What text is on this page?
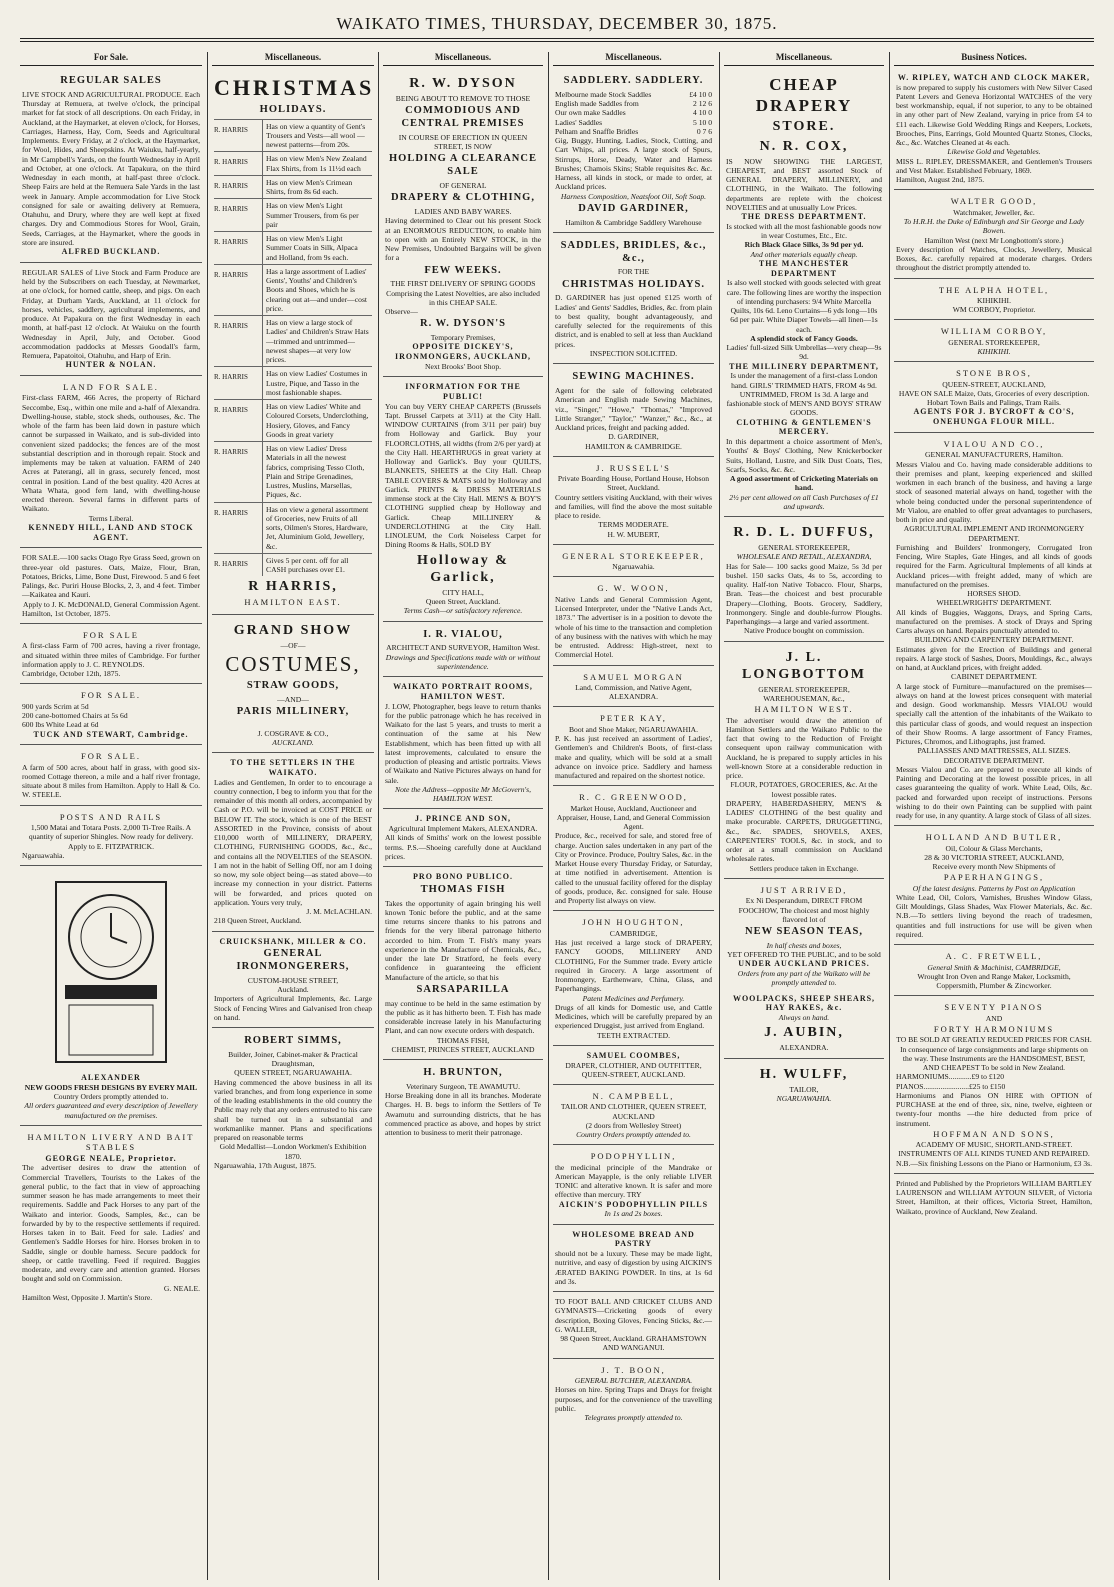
WAIKATO TIMES, THURSDAY, DECEMBER 30, 1875.
For Sale.
REGULAR SALES
LIVE STOCK AND AGRICULTURAL PRODUCE. Each Thursday at Remuera, at twelve o'clock, the principal market for fat stock of all descriptions. On each Friday, in Auckland, at the Haymarket, at eleven o'clock, for Horses, Carriages, Harness, Hay, Corn, Seeds and Agricultural Implements. Every Friday, at 2 o'clock, at the Haymarket, for Wool, Hides, and Sheepskins. At Waiuku, half-yearly, in Mr Campbell's Yards, on the fourth Wednesday in April and October, at one o'clock. At Tapakura, on the third Wednesday in each month, at half-past three o'clock. Sheep Fairs are held at the Remuera Sale Yards in the last week in January. Ample accommodation for Live Stock consigned for sale or awaiting delivery at Remuera, Otahuhu, and Drury, where they are well kept at fixed charges. Dry and Commodious Stores for Wool, Grain, Seeds, Carriages, at the Haymarket, where the goods in store are insured.
ALFRED BUCKLAND.
REGULAR SALES of Live Stock and Farm Produce are held by the Subscribers on each Tuesday, at Newmarket, at one o'clock, for horned cattle, sheep, and pigs. On each Friday, at Durham Yards, Auckland, at 11 o'clock for horses, vehicles, saddlery, agricultural implements, and produce. At Papakura on the first Wednesday in each month, at half-past 12 o'clock. At Waiuku on the fourth Wednesday in April, July, and October. Good accommodation paddocks at Messrs Goodall's farm, Remuera, Papatoitoi, Otahuhu, and Harp of Erin.
HUNTER & NOLAN.
LAND FOR SALE.
First-class FARM, 466 Acres, the property of Richard Seccombe, Esq., within one mile and a-half of Alexandra. Dwelling-house, stable, stock sheds, outhouses, &c. The whole of the farm has been laid down in pasture which cannot be surpassed in Waikato, and is sub-divided into convenient sized paddocks; the fences are of the most substantial description and in thorough repair. Stock and implements may be taken at valuation. FARM of 240 Acres at Paterangi, all in grass, securely fenced, most central in position. Land of the best quality. 420 Acres at Whata Whata, good fern land, with dwelling-house erected thereon. Several farms in different parts of Waikato.
Terms Liberal.
KENNEDY HILL, LAND AND STOCK AGENT.
FOR SALE.—100 sacks Otago Rye Grass Seed, grown on three-year old pastures. Oats, Maize, Flour, Bran, Potatoes, Bricks, Lime, Bone Dust, Firewood. 5 and 6 feet Palings, &c. Puriri House Blocks, 2, 3, and 4 feet. Timber—Kaikatea and Kauri.
Apply to J. K. McDONALD, General Commission Agent.
Hamilton, 1st October, 1875.
FOR SALE
A first-class Farm of 700 acres, having a river frontage, and situated within three miles of Cambridge. For further information apply to J. C. REYNOLDS.
Cambridge, October 12th, 1875.
FOR SALE.
900 yards Scrim at 5d
200 cane-bottomed Chairs at 5s 6d
600 lbs White Lead at 6d
TUCK AND STEWART, Cambridge.
FOR SALE.
A farm of 500 acres, about half in grass, with good six-roomed Cottage thereon, a mile and a half river frontage, situate about 8 miles from Hamilton. Apply to Hall & Co. W. STEELE.
POSTS AND RAILS
1,500 Matai and Totara Posts. 2,000 Ti-Tree Rails. A quantity of superior Shingles. Now ready for delivery. Apply to E. FITZPATRICK.
Ngaruawahia.
ALEXANDER
NEW GOODS FRESH DESIGNS BY EVERY MAIL
Country Orders promptly attended to.
All orders guaranteed and every description of Jewellery manufactured on the premises.
HAMILTON LIVERY AND BAIT STABLES
GEORGE NEALE, Proprietor.
The advertiser desires to draw the attention of Commercial Travellers, Tourists to the Lakes of the general public, to the fact that in view of approaching summer season he has made arrangements to meet their requirements. Saddle and Pack Horses to any part of the Waikato and interior. Goods, Samples, &c., can be forwarded by by to the respective settlements if required. Horses taken in to Bait. Feed for sale. Ladies' and Gentlemen's Saddle Horses for hire. Horses broken in to Saddle, single or double harness. Secure paddock for sheep, or cattle travelling. Feed if required. Buggies moderate, and every care and attention granted. Horses bought and sold on Commission.
G. NEALE.
Hamilton West, Opposite J. Martin's Store.
Miscellaneous.
CHRISTMAS
HOLIDAYS.
R. HARRIS	Has on view a quantity of Gent's Trousers and Vests—all wool —newest patterns—from 20s.
R. HARRIS	Has on view Men's New Zealand Flax Shirts, from 1s 11½d each
R. HARRIS	Has on view Men's Crimean Shirts, from 8s 6d each.
R. HARRIS	Has on view Men's Light Summer Trousers, from 6s per pair
R. HARRIS	Has on view Men's Light Summer Coats in Silk, Alpaca and Holland, from 9s each.
R. HARRIS	Has a large assortment of Ladies' Gents', Youths' and Children's Boots and Shoes, which he is clearing out at—and under—cost price.
R. HARRIS	Has on view a large stock of Ladies' and Children's Straw Hats—trimmed and untrimmed—newest shapes—at very low prices.
R. HARRIS	Has on view Ladies' Costumes in Lustre, Pique, and Tasso in the most fashionable shapes.
R. HARRIS	Has on view Ladies' White and Coloured Corsets, Underclothing, Hosiery, Gloves, and Fancy Goods in great variety
R. HARRIS	Has on view Ladies' Dress Materials in all the newest fabrics, comprising Tesso Cloth, Plain and Stripe Grenadines, Lustres, Muslins, Marsellas, Piques, &c.
R. HARRIS	Has on view a general assortment of Groceries, new Fruits of all sorts, Oilmen's Stores, Hardware, Jet, Aluminium Gold, Jewellery, &c.
R. HARRIS	Gives 5 per cent. off for all CASH purchases over £1.
R HARRIS,
HAMILTON EAST.
GRAND SHOW
—OF—
COSTUMES,
STRAW GOODS,
—AND—
PARIS MILLINERY,
J. COSGRAVE & CO.,
AUCKLAND.
TO THE SETTLERS IN THE WAIKATO.
Ladies and Gentlemen, In order to to encourage a country connection, I beg to inform you that for the remainder of this month all orders, accompanied by Cash or P.O. will be invoiced at COST PRICE or BELOW IT. The stock, which is one of the BEST ASSORTED in the Province, consists of about £10,000 worth of MILLINERY, DRAPERY, CLOTHING, FURNISHING GOODS, &c., &c., and contains all the NOVELTIES of the SEASON. I am not in the habit of Selling Off, nor am I doing so now, my sole object being—as stated above—to increase my connection in your district. Patterns will be forwarded, and prices quoted on application. Yours very truly,
J. M. McLACHLAN.
218 Queen Street, Auckland.
CRUICKSHANK, MILLER & CO.
GENERAL IRONMONGERERS,
CUSTOM-HOUSE STREET,
Auckland.
Importers of Agricultural Implements, &c. Large Stock of Fencing Wires and Galvanised Iron cheap on hand.
ROBERT SIMMS,
Builder, Joiner, Cabinet-maker & Practical Draughtsman,
QUEEN STREET, NGARUAWAHIA.
Having commenced the above business in all its varied branches, and from long experience in some of the leading establishments in the old country the Public may rely that any orders entrusted to his care shall be turned out in a substantial and workmanlike manner. Plans and specifications prepared on reasonable terms
Gold Medallist—London Workmen's Exhibition 1870.
Ngaruawahia, 17th August, 1875.
Miscellaneous.
R. W. DYSON
BEING ABOUT TO REMOVE TO THOSE
COMMODIOUS AND CENTRAL PREMISES
IN COURSE OF ERECTION IN QUEEN STREET, IS NOW
HOLDING A CLEARANCE SALE
OF GENERAL
DRAPERY & CLOTHING,
LADIES AND BABY WARES.
Having determined to Clear out his present Stock at an ENORMOUS REDUCTION, to enable him to open with an Entirely NEW STOCK, in the New Premises, Undoubted Bargains will be given for a
FEW WEEKS.
THE FIRST DELIVERY OF SPRING GOODS
Comprising the Latest Novelties, are also included in this CHEAP SALE.
Observe—
R. W. DYSON'S
Temporary Premises,
OPPOSITE DICKEY'S, IRONMONGERS, AUCKLAND,
Next Brooks' Boot Shop.
INFORMATION FOR THE PUBLIC!
You can buy VERY CHEAP CARPETS (Brussels Tapt. Brussel Carpets at 3/11) at the City Hall. WINDOW CURTAINS (from 3/11 per pair) buy from Holloway and Garlick. Buy your FLOORCLOTHS, all widths (from 2/6 per yard) at the City Hall. HEARTHRUGS in great variety at Holloway and Garlick's. Buy your QUILTS, BLANKETS, SHEETS at the City Hall. Cheap TABLE COVERS & MATS sold by Holloway and Garlick. PRINTS & DRESS MATERIALS immense stock at the City Hall. MEN'S & BOY'S CLOTHING supplied cheap by Holloway and Garlick. Cheap MILLINERY & UNDERCLOTHING at the City Hall. LINOLEUM, the Cork Noiseless Carpet for Dining Rooms & Halls, SOLD BY
Holloway & Garlick,
CITY HALL,
Queen Street, Auckland.
Terms Cash—or satisfactory reference.
I. R. VIALOU,
ARCHITECT AND SURVEYOR, Hamilton West.
Drawings and Specifications made with or without superintendence.
WAIKATO PORTRAIT ROOMS, HAMILTON WEST.
J. LOW, Photographer, begs leave to return thanks for the public patronage which he has received in Waikato for the last 5 years, and trusts to merit a continuation of the same at his New Establishment, which has been fitted up with all latest improvements, calculated to ensure the production of pleasing and artistic portraits. Views of Waikato and Native Pictures always on hand for sale.
Note the Address—opposite Mr McGovern's, HAMILTON WEST.
J. PRINCE AND SON,
Agricultural Implement Makers, ALEXANDRA.
All kinds of Smiths' work on the lowest possible terms. P.S.—Shoeing carefully done at Auckland prices.
PRO BONO PUBLICO.
THOMAS FISH
Takes the opportunity of again bringing his well known Tonic before the public, and at the same time returns sincere thanks to his patrons and friends for the very liberal patronage hitherto accorded to him. From T. Fish's many years experience in the Manufacture of Chemicals, &c., under the late Dr Stratford, he feels every confidence in guaranteeing the efficient Manufacture of the article, so that his
SARSAPARILLA
may continue to be held in the same estimation by the public as it has hitherto been. T. Fish has made considerable increase lately in his Manufacturing Plant, and can now execute orders with despatch.
THOMAS FISH,
CHEMIST, PRINCES STREET, AUCKLAND
H. BRUNTON,
Veterinary Surgeon, TE AWAMUTU.
Horse Breaking done in all its branches. Moderate Charges. H. B. begs to inform the Settlers of Te Awamutu and surrounding districts, that he has commenced practice as above, and hopes by strict attention to business to merit their patronage.
Miscellaneous.
SADDLERY. SADDLERY.
Melbourne made Stock Saddles	£4 10 0
English made Saddles from	2 12 6
Our own make Saddles	4 10 0
Ladies' Saddles	5 10 0
Pelham and Snaffle Bridles	0 7 6
Gig, Buggy, Hunting, Ladies, Stock, Cutting, and Cart Whips, all prices. A large stock of Spurs, Stirrups, Horse, Deady, Water and Harness Brushes; Chamois Skins; Stable requisites &c. &c. Harness, all kinds in stock, or made to order, at Auckland prices.
Harness Composition, Neatsfoot Oil, Soft Soap.
DAVID GARDINER,
Hamilton & Cambridge Saddlery Warehouse
SADDLES, BRIDLES, &c., &c.,
FOR THE
CHRISTMAS HOLIDAYS.
D. GARDINER has just opened £125 worth of Ladies' and Gents' Saddles, Bridles, &c. from plain to best quality, bought advantageously, and carefully selected for the requirements of this district, and is enabled to sell at less than Auckland prices.
INSPECTION SOLICITED.
SEWING MACHINES.
Agent for the sale of following celebrated American and English made Sewing Machines, viz., "Singer," "Howe," "Thomas," "Improved Little Stranger," "Taylor," "Wanzer," &c., &c., at Auckland prices, freight and packing added.
D. GARDINER,
HAMILTON & CAMBRIDGE.
J. RUSSELL'S
Private Boarding House, Portland House, Hobson Street, Auckland.
Country settlers visiting Auckland, with their wives and families, will find the above the most suitable place to reside.
TERMS MODERATE.
H. W. MUBERT,
GENERAL STOREKEEPER,
Ngaruawahia.
G. W. WOON,
Native Lands and General Commission Agent, Licensed Interpreter, under the "Native Lands Act, 1873." The advertiser is in a position to devote the whole of his time to the transaction and completion of any business with the natives with which he may be entrusted. Address: High-street, next to Commercial Hotel.
SAMUEL MORGAN
Land, Commission, and Native Agent, ALEXANDRA.
PETER KAY,
Boot and Shoe Maker, NGARUAWAHIA.
P. K. has just received an assortment of Ladies', Gentlemen's and Children's Boots, of first-class make and quality, which will be sold at a small advance on invoice price. Saddlery and harness manufactured and repaired on the shortest notice.
R. C. GREENWOOD,
Market House, Auckland, Auctioneer and Appraiser, House, Land, and General Commission Agent.
Produce, &c., received for sale, and stored free of charge. Auction sales undertaken in any part of the City or Province. Produce, Poultry Sales, &c. in the Market House every Thursday Friday, or Saturday, at time notified in advertisement. Attention is called to the unusual facility offered for the display of goods, produce, &c. consigned for sale. House and Property list always on view.
JOHN HOUGHTON,
CAMBRIDGE,
Has just received a large stock of DRAPERY, FANCY GOODS, MILLINERY AND CLOTHING, For the Summer trade. Every article required in Grocery. A large assortment of Ironmongery, Earthenware, China, Glass, and Paperhangings.
Patent Medicines and Perfumery.
Drugs of all kinds for Domestic use, and Cattle Medicines, which will be carefully prepared by an experienced Druggist, just arrived from England.
TEETH EXTRACTED.
SAMUEL COOMBES,
DRAPER, CLOTHIER, AND OUTFITTER,
QUEEN-STREET, AUCKLAND.
N. CAMPBELL,
TAILOR AND CLOTHIER, QUEEN STREET, AUCKLAND
(2 doors from Wellesley Street)
Country Orders promptly attended to.
PODOPHYLLIN,
the medicinal principle of the Mandrake or American Mayapple, is the only reliable LIVER TONIC and alterative known. It is safer and more effective than mercury. TRY
AICKIN'S PODOPHYLLIN PILLS
In 1s and 2s boxes.
WHOLESOME BREAD AND PASTRY
should not be a luxury. These may be made light, nutritive, and easy of digestion by using AICKIN'S ÆRATED BAKING POWDER. In tins, at 1s 6d and 3s.
TO FOOT BALL AND CRICKET CLUBS AND GYMNASTS—Cricketing goods of every description, Boxing Gloves, Fencing Sticks, &c.—G. WALLER,
98 Queen Street, Auckland. GRAHAMSTOWN AND WANGANUI.
J. T. BOON,
GENERAL BUTCHER, ALEXANDRA.
Horses on hire. Spring Traps and Drays for freight purposes, and for the convenience of the travelling public.
Telegrams promptly attended to.
Miscellaneous.
CHEAP DRAPERY
STORE.
N. R. COX,
IS NOW SHOWING THE LARGEST, CHEAPEST, and BEST assorted Stock of GENERAL DRAPERY, MILLINERY, and CLOTHING, in the Waikato. The following departments are replete with the choicest NOVELTIES and at unusually Low Prices.
THE DRESS DEPARTMENT.
Is stocked with all the most fashionable goods now in wear Costumes, Etc., Etc.
Rich Black Glace Silks, 3s 9d per yd.
And other materials equally cheap.
THE MANCHESTER DEPARTMENT
Is also well stocked with goods selected with great care. The following lines are worthy the inspection of intending purchasers: 9/4 White Marcella Quilts, 10s 6d. Leno Curtains—6 yds long—10s 6d per pair. White Diaper Towels—all linen—1s each.
A splendid stock of Fancy Goods.
Ladies' full-sized Silk Umbrellas—very cheap—9s 9d.
THE MILLINERY DEPARTMENT,
Is under the management of a first-class London hand. GIRLS' TRIMMED HATS, FROM 4s 9d. UNTRIMMED, FROM 1s 3d. A large and fashionable stock of MEN'S AND BOYS' STRAW GOODS.
CLOTHING & GENTLEMEN'S MERCERY.
In this department a choice assortment of Men's, Youths' & Boys' Clothing, New Knickerbocker Suits, Holland, Lustre, and Silk Dust Coats, Ties, Scarfs, Socks, &c. &c.
A good assortment of Cricketing Materials on hand.
2½ per cent allowed on all Cash Purchases of £1 and upwards.
R. D. L. DUFFUS,
GENERAL STOREKEEPER,
WHOLESALE AND RETAIL, ALEXANDRA,
Has for Sale— 100 sacks good Maize, 5s 3d per bushel. 150 sacks Oats, 4s to 5s, according to quality. Half-ton Native Tobacco. Flour, Sharps, Bran. Teas—the choicest and best procurable Drapery—Clothing, Boots. Grocery, Saddlery, Ironmongery. Single and double-furrow Ploughs. Paperhangings—a large and varied assortment.
Native Produce bought on commission.
J. L. LONGBOTTOM
GENERAL STOREKEEPER,
WAREHOUSEMAN, &c.,
HAMILTON WEST.
The advertiser would draw the attention of Hamilton Settlers and the Waikato Public to the fact that owing to the Reduction of Freight consequent upon railway communication with Auckland, he is prepared to supply articles in his well-known Store at a considerable reduction in price.
FLOUR, POTATOES, GROCERIES, &c. At the lowest possible rates.
DRAPERY, HABERDASHERY, MEN'S & LADIES' CLOTHING of the best quality and make procurable. CARPETS, DRUGGETTING, &c., &c. SPADES, SHOVELS, AXES, CARPENTERS' TOOLS, &c. in stock, and to order at a small commission on Auckland wholesale rates.
Settlers produce taken in Exchange.
JUST ARRIVED,
Ex Ni Desperandum, DIRECT FROM FOOCHOW, The choicest and most highly flavored lot of
NEW SEASON TEAS,
In half chests and boxes,
YET OFFERED TO THE PUBLIC, and to be sold
UNDER AUCKLAND PRICES.
Orders from any part of the Waikato will be promptly attended to.
WOOLPACKS, SHEEP SHEARS, HAY RAKES, &c.
Always on hand.
J. AUBIN,
ALEXANDRA.
H. WULFF,
TAILOR,
NGARUAWAHIA.
Business Notices.
W. RIPLEY, WATCH AND CLOCK MAKER,
is now prepared to supply his customers with New Silver Cased Patent Levers and Geneva Horizontal WATCHES of the very best workmanship, equal, if not superior, to any to be obtained in any other part of New Zealand, varying in price from £4 to £11 each. Likewise Gold Wedding Rings and Keepers, Lockets, Brooches, Pins, Earrings, Gold Mounted Quartz Stones, Clocks, &c., &c. Watches Cleaned at 4s each.
Likewise Gold and Vegetables.
MISS L. RIPLEY, DRESSMAKER, and Gentlemen's Trousers and Vest Maker. Established February, 1869.
Hamilton, August 2nd, 1875.
WALTER GOOD,
Watchmaker, Jeweller, &c.
To H.R.H. the Duke of Edinburgh and Sir George and Lady Bowen.
Hamilton West (next Mr Longbottom's store.)
Every description of Watches, Clocks, Jewellery, Musical Boxes, &c. carefully repaired at moderate charges. Orders throughout the district promptly attended to.
THE ALPHA HOTEL,
KIHIKIHI.
WM CORBOY, Proprietor.
WILLIAM CORBOY,
GENERAL STOREKEEPER,
KIHIKIHI.
STONE BROS,
QUEEN-STREET, AUCKLAND,
HAVE ON SALE Maize, Oats, Groceries of every description. Hobart Town Bails and Palings, Tram Rails.
AGENTS FOR J. BYCROFT & CO'S, ONEHUNGA FLOUR MILL.
VIALOU AND CO.,
GENERAL MANUFACTURERS, Hamilton.
Messrs Vialou and Co. having made considerable additions to their premises and plant, keeping experienced and skilled workmen in each branch of the business, and having a large stock of seasoned material always on hand, together with the whole being conducted under the personal superintendence of Mr Vialou, are enabled to offer great advantages to purchasers, both in price and quality.
AGRICULTURAL IMPLEMENT AND IRONMONGERY DEPARTMENT.
Furnishing and Builders' Ironmongery, Corrugated Iron Fencing, Wire Staples, Gate Hinges, and all kinds of goods required for the Farm. Agricultural Implements of all kinds at Auckland prices—with freight added, many of which are manufactured on the premises.
HORSES SHOD.
WHEELWRIGHTS' DEPARTMENT.
All kinds of Buggies, Waggons, Drays, and Spring Carts, manufactured on the premises. A stock of Drays and Spring Carts always on hand. Repairs punctually attended to.
BUILDING AND CARPENTERY DEPARTMENT.
Estimates given for the Erection of Buildings and general repairs. A large stock of Sashes, Doors, Mouldings, &c., always on hand, at Auckland prices, with freight added.
CABINET DEPARTMENT.
A large stock of Furniture—manufactured on the premises—always on hand at the lowest prices consequent with material and design. Good workmanship. Messrs VIALOU would specially call the attention of the inhabitants of the Waikato to this particular class of goods, and would request an inspection of their Show Rooms. A large assortment of Fancy Frames, Pictures, Chromos, and Lithographs, just framed.
PALLIASSES AND MATTRESSES, ALL SIZES.
DECORATIVE DEPARTMENT.
Messrs Vialou and Co. are prepared to execute all kinds of Painting and Decorating at the lowest possible prices, in all cases guaranteeing the quality of work. White Lead, Oils, &c. packed and forwarded upon receipt of instructions. Persons wishing to do their own Painting can be supplied with paint ready for use, in any quantity. A large stock of Glass of all sizes.
HOLLAND AND BUTLER,
Oil, Colour & Glass Merchants,
28 & 30 VICTORIA STREET, AUCKLAND,
Receive every month New Shipments of
PAPERHANGINGS,
Of the latest designs. Patterns by Post on Application
White Lead, Oil, Colors, Varnishes, Brushes Window Glass, Gilt Mouldings, Glass Shades, Wax Flower Materials, &c. &c. N.B.—To settlers living beyond the reach of tradesmen, quantities and full instructions for use will be given when required.
A. C. FRETWELL,
General Smith & Machinist, CAMBRIDGE,
Wrought Iron Oven and Range Maker, Locksmith, Coppersmith, Plumber & Zincworker.
SEVENTY PIANOS
AND
FORTY HARMONIUMS
TO BE SOLD AT GREATLY REDUCED PRICES FOR CASH. In consequence of large consignments and large shipments on the way. These Instruments are the HANDSOMEST, BEST, AND CHEAPEST To be sold in New Zealand.
HARMONIUMS............£9 to £120
PIANOS........................£25 to £150
Harmoniums and Pianos ON HIRE with OPTION of PURCHASE at the end of three, six, nine, twelve, eighteen or twenty-four months —the hire deducted from price of instrument.
HOFFMAN AND SONS,
ACADEMY OF MUSIC, SHORTLAND-STREET.
INSTRUMENTS OF ALL KINDS TUNED AND REPAIRED.
N.B.—Six finishing Lessons on the Piano or Harmonium, £3 3s.
Printed and Published by the Proprietors WILLIAM BARTLEY LAURENSON and WILLIAM AYTOUN SILVER, of Victoria Street, Hamilton, at their offices, Victoria Street, Hamilton, Waikato, province of Auckland, New Zealand.
